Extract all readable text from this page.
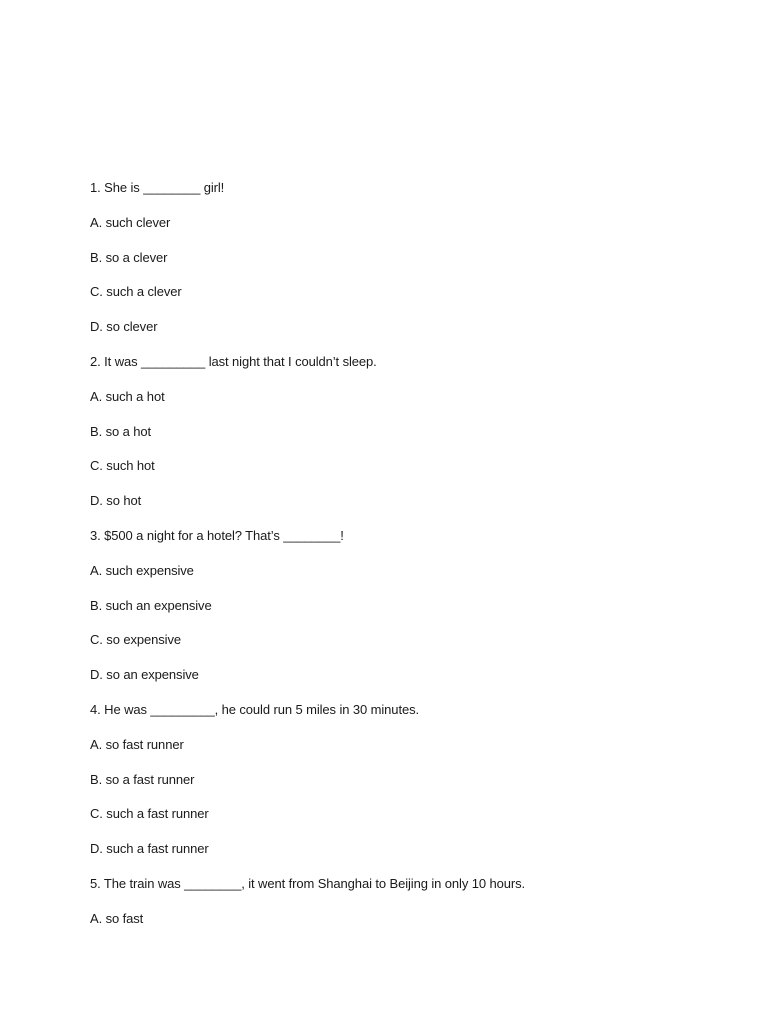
1. She is ________ girl!
A. such clever
B. so a clever
C. such a clever
D. so clever
2. It was _________ last night that I couldn’t sleep.
A. such a hot
B. so a hot
C. such hot
D. so hot
3. $500 a night for a hotel? That’s ________!
A. such expensive
B. such an expensive
C. so expensive
D. so an expensive
4. He was _________, he could run 5 miles in 30 minutes.
A. so fast runner
B. so a fast runner
C. such a fast runner
D. such a fast runner
5. The train was ________, it went from Shanghai to Beijing in only 10 hours.
A. so fast
